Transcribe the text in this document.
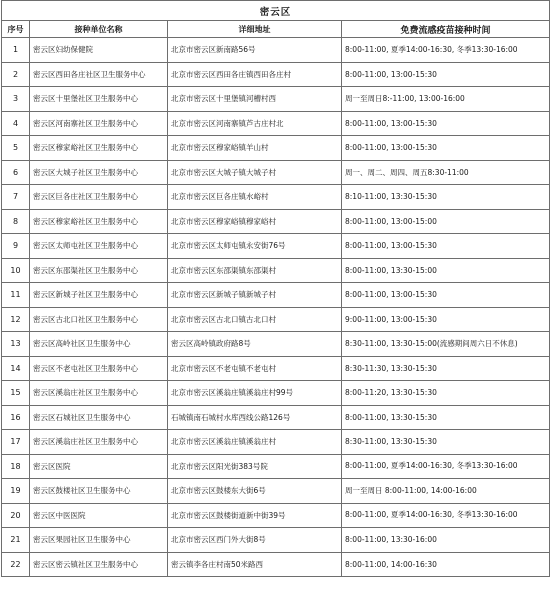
密云区			
序号	接种单位名称	详细地址	免费流感疫苗接种时间
1	密云区妇幼保健院	北京市密云区新南路56号	8:00-11:00, 夏季14:00-16:30, 冬季13:30-16:00
2	密云区西田各庄社区卫生服务中心	北京市密云区西田各庄镇西田各庄村	8:00-11:00, 13:00-15:30
3	密云区十里堡社区卫生服务中心	北京市密云区十里堡镇河槽村西	周一至周日8:-11:00, 13:00-16:00
4	密云区河南寨社区卫生服务中心	北京市密云区河南寨镇芦古庄村北	8:00-11:00, 13:00-15:30
5	密云区穆家峪社区卫生服务中心	北京市密云区穆家峪镇羊山村	8:00-11:00, 13:00-15:30
6	密云区大城子社区卫生服务中心	北京市密云区大城子镇大城子村	周一、周二、周四、周五8:30-11:00
7	密云区巨各庄社区卫生服务中心	北京市密云区巨各庄镇水峪村	8:10-11:00, 13:30-15:30
8	密云区穆家峪社区卫生服务中心	北京市密云区穆家峪镇穆家峪村	8:00-11:00, 13:00-15:00
9	密云区太师屯社区卫生服务中心	北京市密云区太师屯镇永安街76号	8:00-11:00, 13:00-15:30
10	密云区东邵渠社区卫生服务中心	北京市密云区东邵渠镇东邵渠村	8:00-11:00, 13:30-15:00
11	密云区新城子社区卫生服务中心	北京市密云区新城子镇新城子村	8:00-11:00, 13:00-15:30
12	密云区古北口社区卫生服务中心	北京市密云区古北口镇古北口村	9:00-11:00, 13:00-15:30
13	密云区高岭社区卫生服务中心	密云区高岭镇政府路8号	8:30-11:00, 13:30-15:00(流感期间周六日不休息)
14	密云区不老屯社区卫生服务中心	北京市密云区不老屯镇不老屯村	8:30-11:30, 13:30-15:30
15	密云区溪翁庄社区卫生服务中心	北京市密云区溪翁庄镇溪翁庄村99号	8:00-11:20, 13:30-15:30
16	密云区石城社区卫生服务中心	石城镇南石城村水库西线公路126号	8:00-11:00, 13:30-15:30
17	密云区溪翁庄社区卫生服务中心	北京市密云区溪翁庄镇溪翁庄村	8:30-11:00, 13:30-15:30
18	密云区医院	北京市密云区阳光街383号院	8:00-11:00, 夏季14:00-16:30, 冬季13:30-16:00
19	密云区鼓楼社区卫生服务中心	北京市密云区鼓楼东大街6号	周一至周日 8:00-11:00, 14:00-16:00
20	密云区中医医院	北京市密云区鼓楼街道新中街39号	8:00-11:00, 夏季14:00-16:30, 冬季13:30-16:00
21	密云区果园社区卫生服务中心	北京市密云区西门外大街8号	8:00-11:00, 13:30-16:00
22	密云区密云镇社区卫生服务中心	密云镇李各庄村南50米路西	8:00-11:00, 14:00-16:30
